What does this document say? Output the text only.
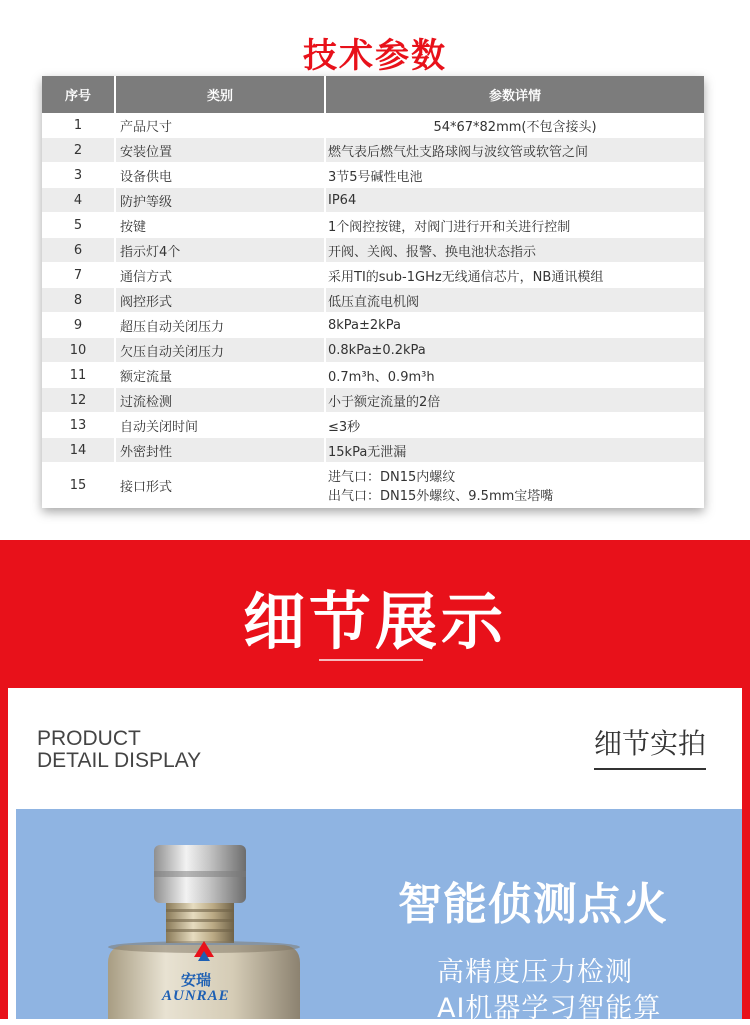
技术参数
序号	类别	参数详情
1	产品尺寸	54*67*82mm(不包含接头)
2	安装位置	燃气表后燃气灶支路球阀与波纹管或软管之间
3	设备供电	3节5号碱性电池
4	防护等级	IP64
5	按键	1个阀控按键，对阀门进行开和关进行控制
6	指示灯4个	开阀、关阀、报警、换电池状态指示
7	通信方式	采用TI的sub-1GHz无线通信芯片，NB通讯模组
8	阀控形式	低压直流电机阀
9	超压自动关闭压力	8kPa±2kPa
10	欠压自动关闭压力	0.8kPa±0.2kPa
11	额定流量	0.7m³h、0.9m³h
12	过流检测	小于额定流量的2倍
13	自动关闭时间	≤3秒
14	外密封性	15kPa无泄漏
15	接口形式	进气口：DN15内螺纹
出气口：DN15外螺纹、9.5mm宝塔嘴
细节展示
PRODUCT
DETAIL DISPLAY
细节实拍
安瑞
AUNRAE
智能侦测点火
高精度压力检测
AI机器学习智能算
